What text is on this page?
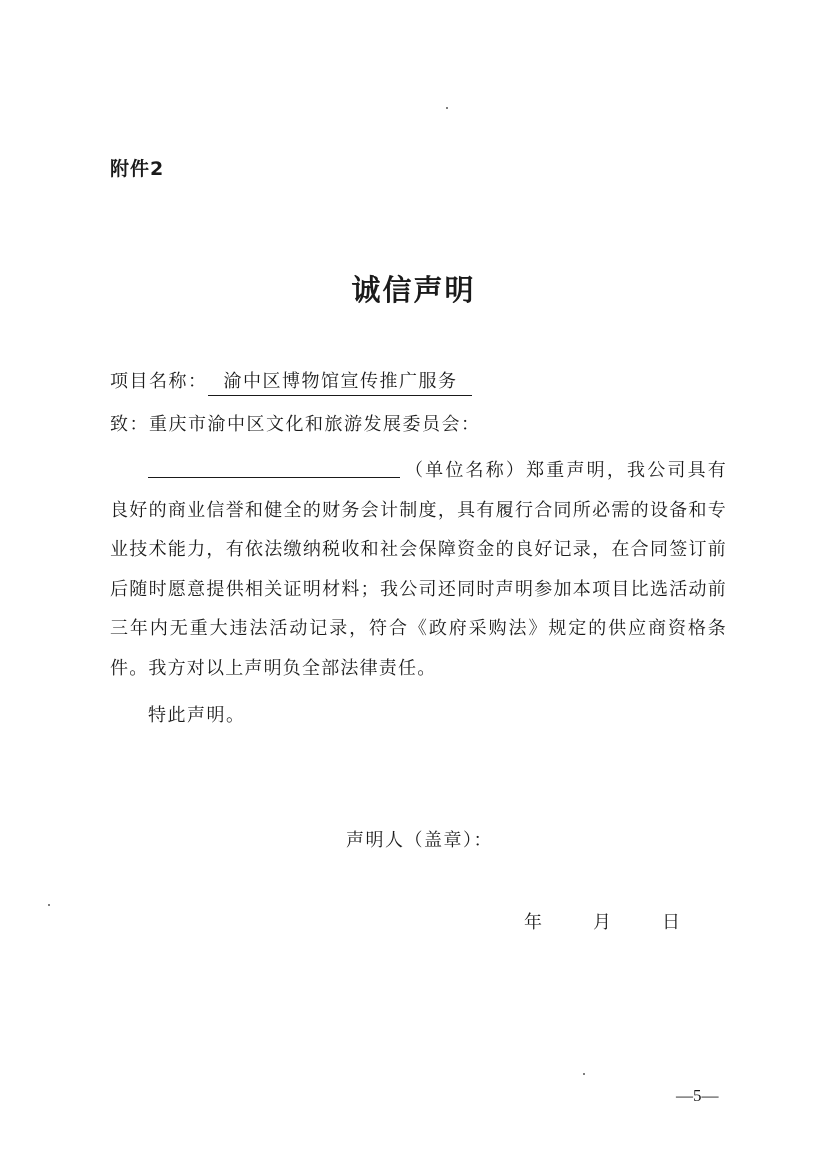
附件2
诚信声明
项目名称： 渝中区博物馆宣传推广服务
致：重庆市渝中区文化和旅游发展委员会：
（单位名称）郑重声明，我公司具有良好的商业信誉和健全的财务会计制度，具有履行合同所必需的设备和专业技术能力，有依法缴纳税收和社会保障资金的良好记录，在合同签订前后随时愿意提供相关证明材料；我公司还同时声明参加本项目比选活动前三年内无重大违法活动记录，符合《政府采购法》规定的供应商资格条件。我方对以上声明负全部法律责任。
特此声明。
声明人（盖章）：
年	月	日
—5—
